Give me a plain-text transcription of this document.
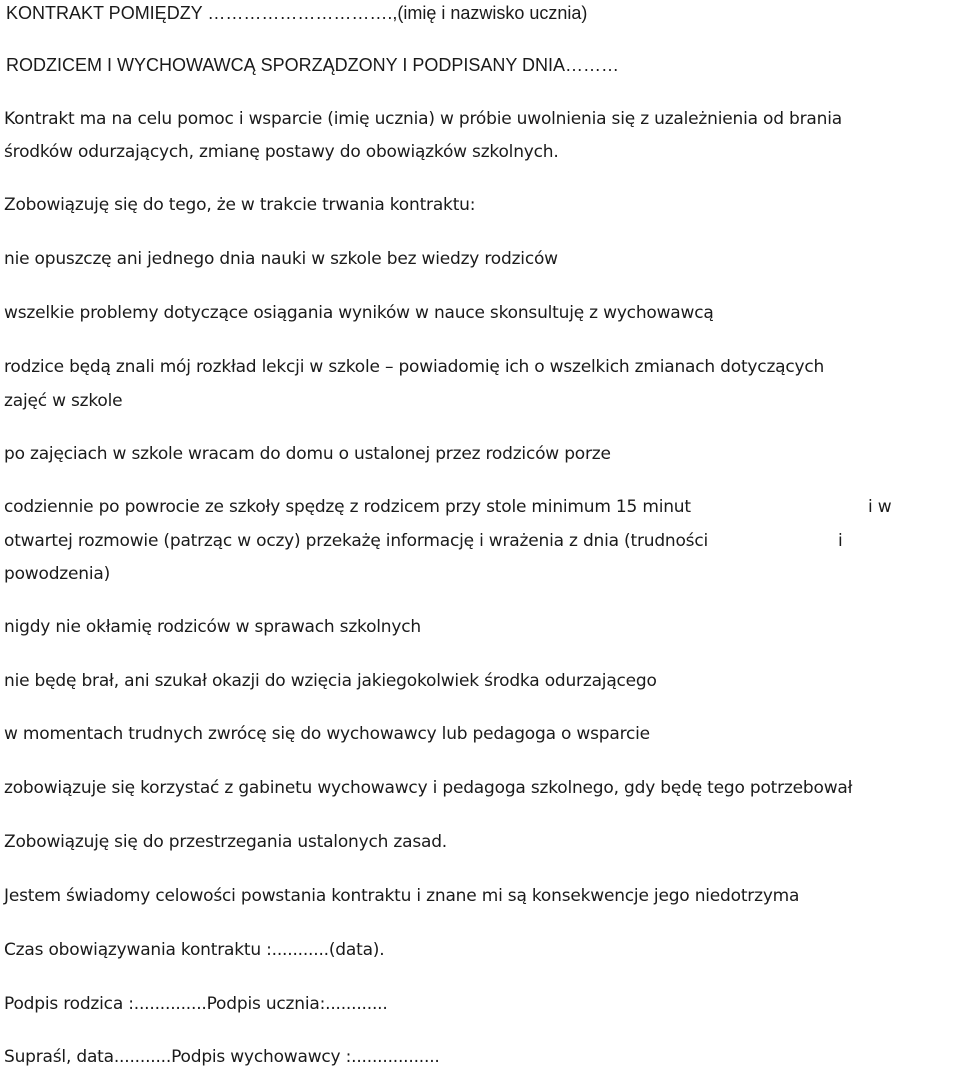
KONTRAKT POMIĘDZY ………………………….,(imię i nazwisko ucznia)

RODZICEM I WYCHOWAWCĄ SPORZĄDZONY I PODPISANY DNIA………

Kontrakt ma na celu pomoc i wsparcie (imię ucznia) w próbie uwolnienia się z uzależnienia od brania

środków odurzających, zmianę postawy do obowiązków szkolnych.

Zobowiązuję się do tego, że w trakcie trwania kontraktu:

nie opuszczę ani jednego dnia nauki w szkole bez wiedzy rodziców

wszelkie problemy dotyczące osiągania wyników w nauce skonsultuję z wychowawcą

rodzice będą znali mój rozkład lekcji w szkole – powiadomię ich o wszelkich zmianach dotyczących

zajęć w szkole

po zajęciach w szkole wracam do domu o ustalonej przez rodziców porze

codziennie po powrocie ze szkoły spędzę z rodzicem przy stole minimum 15 minut	i w

otwartej rozmowie (patrząc w oczy) przekażę informację i wrażenia z dnia (trudności	i

powodzenia)

nigdy nie okłamię rodziców w sprawach szkolnych

nie będę brał, ani szukał okazji do wzięcia jakiegokolwiek środka odurzającego

w momentach trudnych zwrócę się do wychowawcy lub pedagoga o wsparcie

zobowiązuje się korzystać z gabinetu wychowawcy i pedagoga szkolnego, gdy będę tego potrzebował

Zobowiązuję się do przestrzegania ustalonych zasad.

Jestem świadomy celowości powstania kontraktu i znane mi są konsekwencje jego niedotrzyma

Czas obowiązywania kontraktu :...........(data).

Podpis rodzica :..............Podpis ucznia:............

Supraśl, data...........Podpis wychowawcy :.................
